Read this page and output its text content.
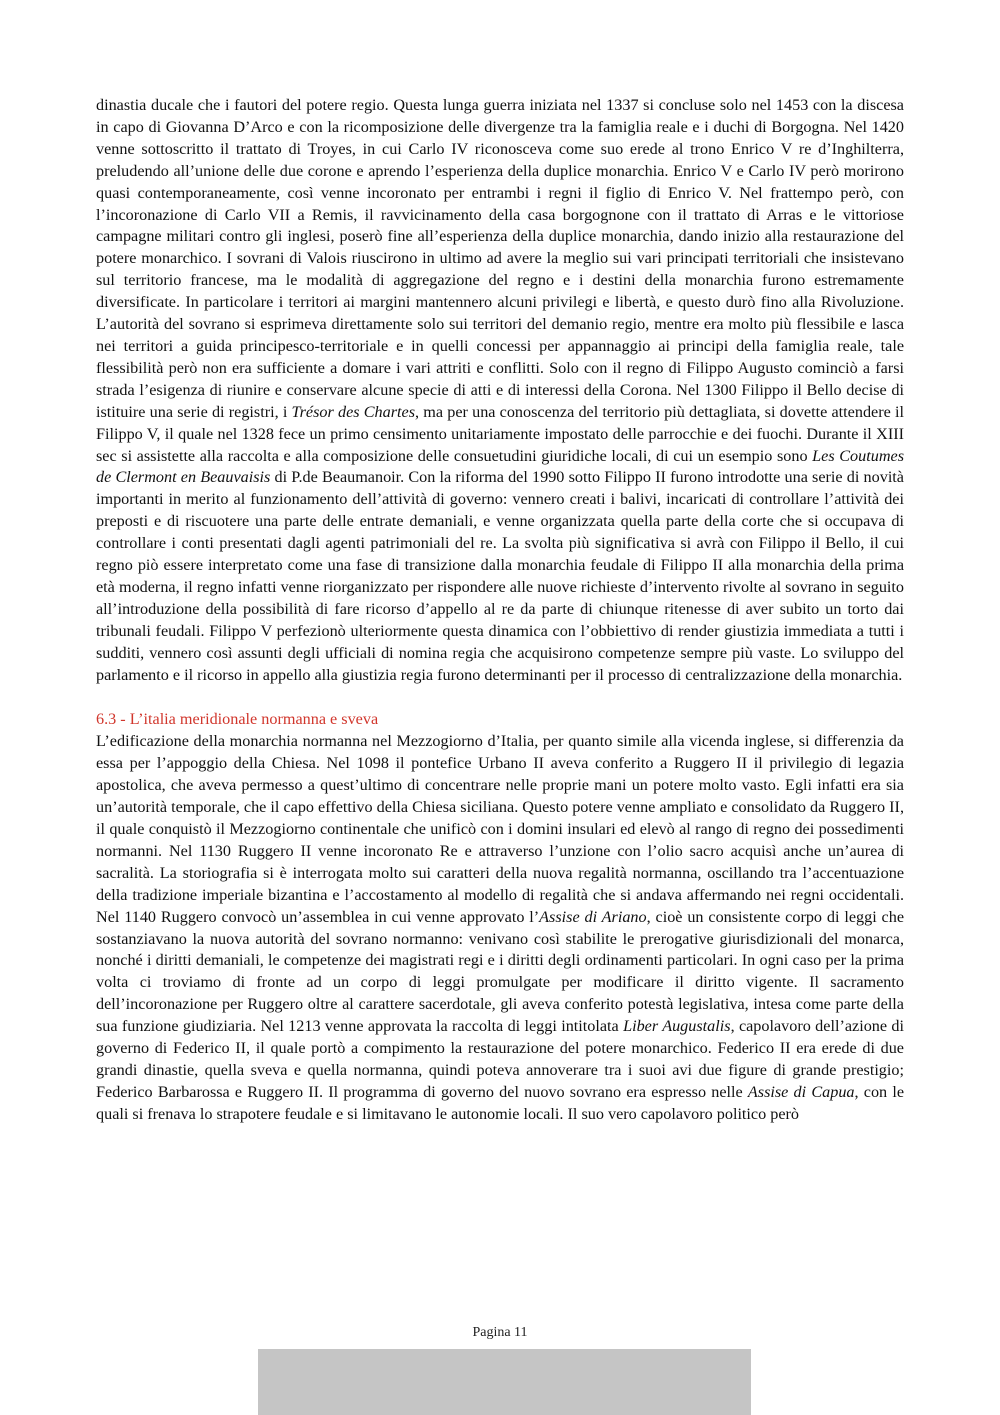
dinastia ducale che i fautori del potere regio. Questa lunga guerra iniziata nel 1337 si concluse solo nel 1453 con la discesa in capo di Giovanna D’Arco e con la ricomposizione delle divergenze tra la famiglia reale e i duchi di Borgogna. Nel 1420 venne sottoscritto il trattato di Troyes, in cui Carlo IV riconosceva come suo erede al trono Enrico V re d’Inghilterra, preludendo all’unione delle due corone e aprendo l’esperienza della duplice monarchia. Enrico V e Carlo IV però morirono quasi contemporaneamente, così venne incoronato per entrambi i regni il figlio di Enrico V. Nel frattempo però, con l’incoronazione di Carlo VII a Remis, il ravvicinamento della casa borgognone con il trattato di Arras e le vittoriose campagne militari contro gli inglesi, poserò fine all’esperienza della duplice monarchia, dando inizio alla restaurazione del potere monarchico. I sovrani di Valois riuscirono in ultimo ad avere la meglio sui vari principati territoriali che insistevano sul territorio francese, ma le modalità di aggregazione del regno e i destini della monarchia furono estremamente diversificate. In particolare i territori ai margini mantennero alcuni privilegi e libertà, e questo durò fino alla Rivoluzione. L’autorità del sovrano si esprimeva direttamente solo sui territori del demanio regio, mentre era molto più flessibile e lasca nei territori a guida principesco-territoriale e in quelli concessi per appannaggio ai principi della famiglia reale, tale flessibilità però non era sufficiente a domare i vari attriti e conflitti. Solo con il regno di Filippo Augusto cominciò a farsi strada l’esigenza di riunire e conservare alcune specie di atti e di interessi della Corona. Nel 1300 Filippo il Bello decise di istituire una serie di registri, i Trésor des Chartes, ma per una conoscenza del territorio più dettagliata, si dovette attendere il Filippo V, il quale nel 1328 fece un primo censimento unitariamente impostato delle parrocchie e dei fuochi. Durante il XIII sec si assistette alla raccolta e alla composizione delle consuetudini giuridiche locali, di cui un esempio sono Les Coutumes de Clermont en Beauvaisis di P.de Beaumanoir. Con la riforma del 1990 sotto Filippo II furono introdotte una serie di novità importanti in merito al funzionamento dell’attività di governo: vennero creati i balivi, incaricati di controllare l’attività dei preposti e di riscuotere una parte delle entrate demaniali, e venne organizzata quella parte della corte che si occupava di controllare i conti presentati dagli agenti patrimoniali del re. La svolta più significativa si avrà con Filippo il Bello, il cui regno piò essere interpretato come una fase di transizione dalla monarchia feudale di Filippo II alla monarchia della prima età moderna, il regno infatti venne riorganizzato per rispondere alle nuove richieste d’intervento rivolte al sovrano in seguito all’introduzione della possibilità di fare ricorso d’appello al re da parte di chiunque ritenesse di aver subito un torto dai tribunali feudali. Filippo V perfezionò ulteriormente questa dinamica con l’obbiettivo di render giustizia immediata a tutti i sudditi, vennero così assunti degli ufficiali di nomina regia che acquisirono competenze sempre più vaste. Lo sviluppo del parlamento e il ricorso in appello alla giustizia regia furono determinanti per il processo di centralizzazione della monarchia.

6.3 - L’italia meridionale normanna e sveva

L’edificazione della monarchia normanna nel Mezzogiorno d’Italia, per quanto simile alla vicenda inglese, si differenzia da essa per l’appoggio della Chiesa. Nel 1098 il pontefice Urbano II aveva conferito a Ruggero II il privilegio di legazia apostolica, che aveva permesso a quest’ultimo di concentrare nelle proprie mani un potere molto vasto. Egli infatti era sia un’autorità temporale, che il capo effettivo della Chiesa siciliana. Questo potere venne ampliato e consolidato da Ruggero II, il quale conquistò il Mezzogiorno continentale che unificò con i domini insulari ed elevò al rango di regno dei possedimenti normanni. Nel 1130 Ruggero II venne incoronato Re e attraverso l’unzione con l’olio sacro acquisì anche un’aurea di sacralità. La storiografia si è interrogata molto sui caratteri della nuova regalità normanna, oscillando tra l’accentuazione della tradizione imperiale bizantina e l’accostamento al modello di regalità che si andava affermando nei regni occidentali. Nel 1140 Ruggero convocò un’assemblea in cui venne approvato l’Assise di Ariano, cioè un consistente corpo di leggi che sostanziavano la nuova autorità del sovrano normanno: venivano così stabilite le prerogative giurisdizionali del monarca, nonché i diritti demaniali, le competenze dei magistrati regi e i diritti degli ordinamenti particolari. In ogni caso per la prima volta ci troviamo di fronte ad un corpo di leggi promulgate per modificare il diritto vigente. Il sacramento dell’incoronazione per Ruggero oltre al carattere sacerdotale, gli aveva conferito potestà legislativa, intesa come parte della sua funzione giudiziaria. Nel 1213 venne approvata la raccolta di leggi intitolata Liber Augustalis, capolavoro dell’azione di governo di Federico II, il quale portò a compimento la restaurazione del potere monarchico. Federico II era erede di due grandi dinastie, quella sveva e quella normanna, quindi poteva annoverare tra i suoi avi due figure di grande prestigio; Federico Barbarossa e Ruggero II. Il programma di governo del nuovo sovrano era espresso nelle Assise di Capua, con le quali si frenava lo strapotere feudale e si limitavano le autonomie locali. Il suo vero capolavoro politico però

Pagina 11
